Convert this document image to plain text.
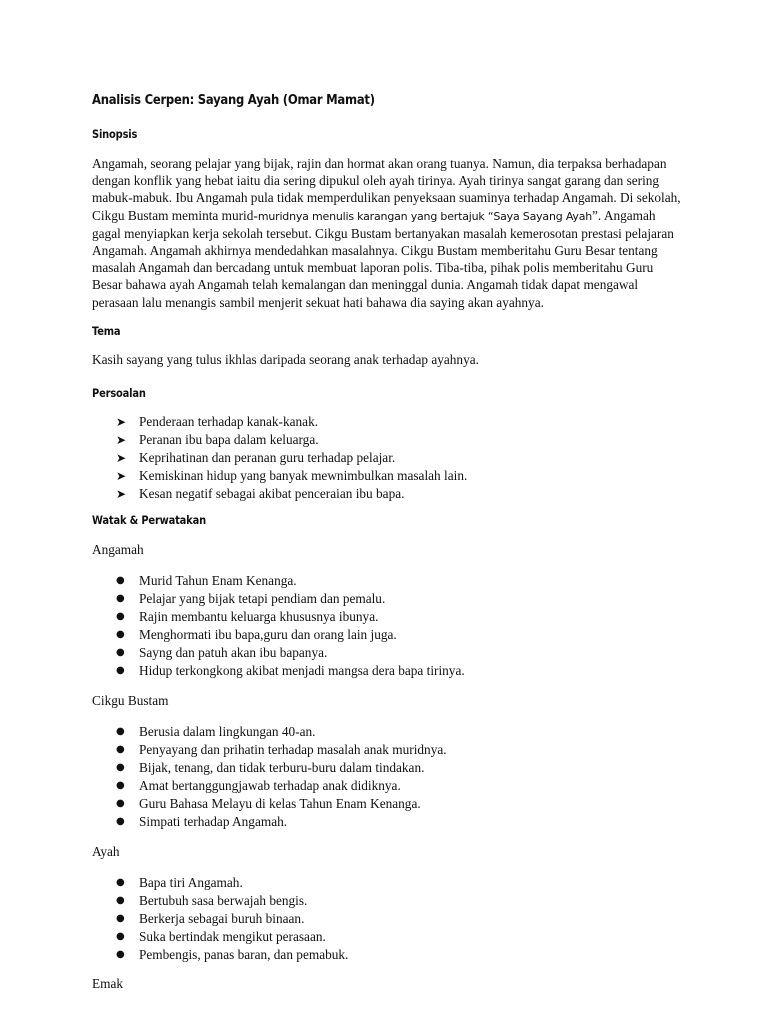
Analisis Cerpen: Sayang Ayah (Omar Mamat)
Sinopsis
Angamah, seorang pelajar yang bijak, rajin dan hormat akan orang tuanya. Namun, dia terpaksa berhadapan dengan konflik yang hebat iaitu dia sering dipukul oleh ayah tirinya. Ayah tirinya sangat garang dan sering mabuk-mabuk. Ibu Angamah pula tidak memperdulikan penyeksaan suaminya terhadap Angamah. Di sekolah, Cikgu Bustam meminta murid-muridnya menulis karangan yang bertajuk “Saya Sayang Ayah”. Angamah gagal menyiapkan kerja sekolah tersebut. Cikgu Bustam bertanyakan masalah kemerosotan prestasi pelajaran Angamah. Angamah akhirnya mendedahkan masalahnya. Cikgu Bustam memberitahu Guru Besar tentang masalah Angamah dan bercadang untuk membuat laporan polis. Tiba-tiba, pihak polis memberitahu Guru Besar bahawa ayah Angamah telah kemalangan dan meninggal dunia. Angamah tidak dapat mengawal perasaan lalu menangis sambil menjerit sekuat hati bahawa dia saying akan ayahnya.
Tema
Kasih sayang yang tulus ikhlas daripada seorang anak terhadap ayahnya.
Persoalan
➤ Penderaan terhadap kanak-kanak.
➤ Peranan ibu bapa dalam keluarga.
➤ Keprihatinan dan peranan guru terhadap pelajar.
➤ Kemiskinan hidup yang banyak mewnimbulkan masalah lain.
➤ Kesan negatif sebagai akibat penceraian ibu bapa.
Watak & Perwatakan
Angamah
●	Murid Tahun Enam Kenanga.
●	Pelajar yang bijak tetapi pendiam dan pemalu.
●	Rajin membantu keluarga khususnya ibunya.
●	Menghormati ibu bapa,guru dan orang lain juga.
●	Sayng dan patuh akan ibu bapanya.
●	Hidup terkongkong akibat menjadi mangsa dera bapa tirinya.
Cikgu Bustam
●	Berusia dalam lingkungan 40-an.
●	Penyayang dan prihatin terhadap masalah anak muridnya.
●	Bijak, tenang, dan tidak terburu-buru dalam tindakan.
●	Amat bertanggungjawab terhadap anak didiknya.
●	Guru Bahasa Melayu di kelas Tahun Enam Kenanga.
●	Simpati terhadap Angamah.
Ayah
●	Bapa tiri Angamah.
●	Bertubuh sasa berwajah bengis.
●	Berkerja sebagai buruh binaan.
●	Suka bertindak mengikut perasaan.
●	Pembengis, panas baran, dan pemabuk.
Emak
